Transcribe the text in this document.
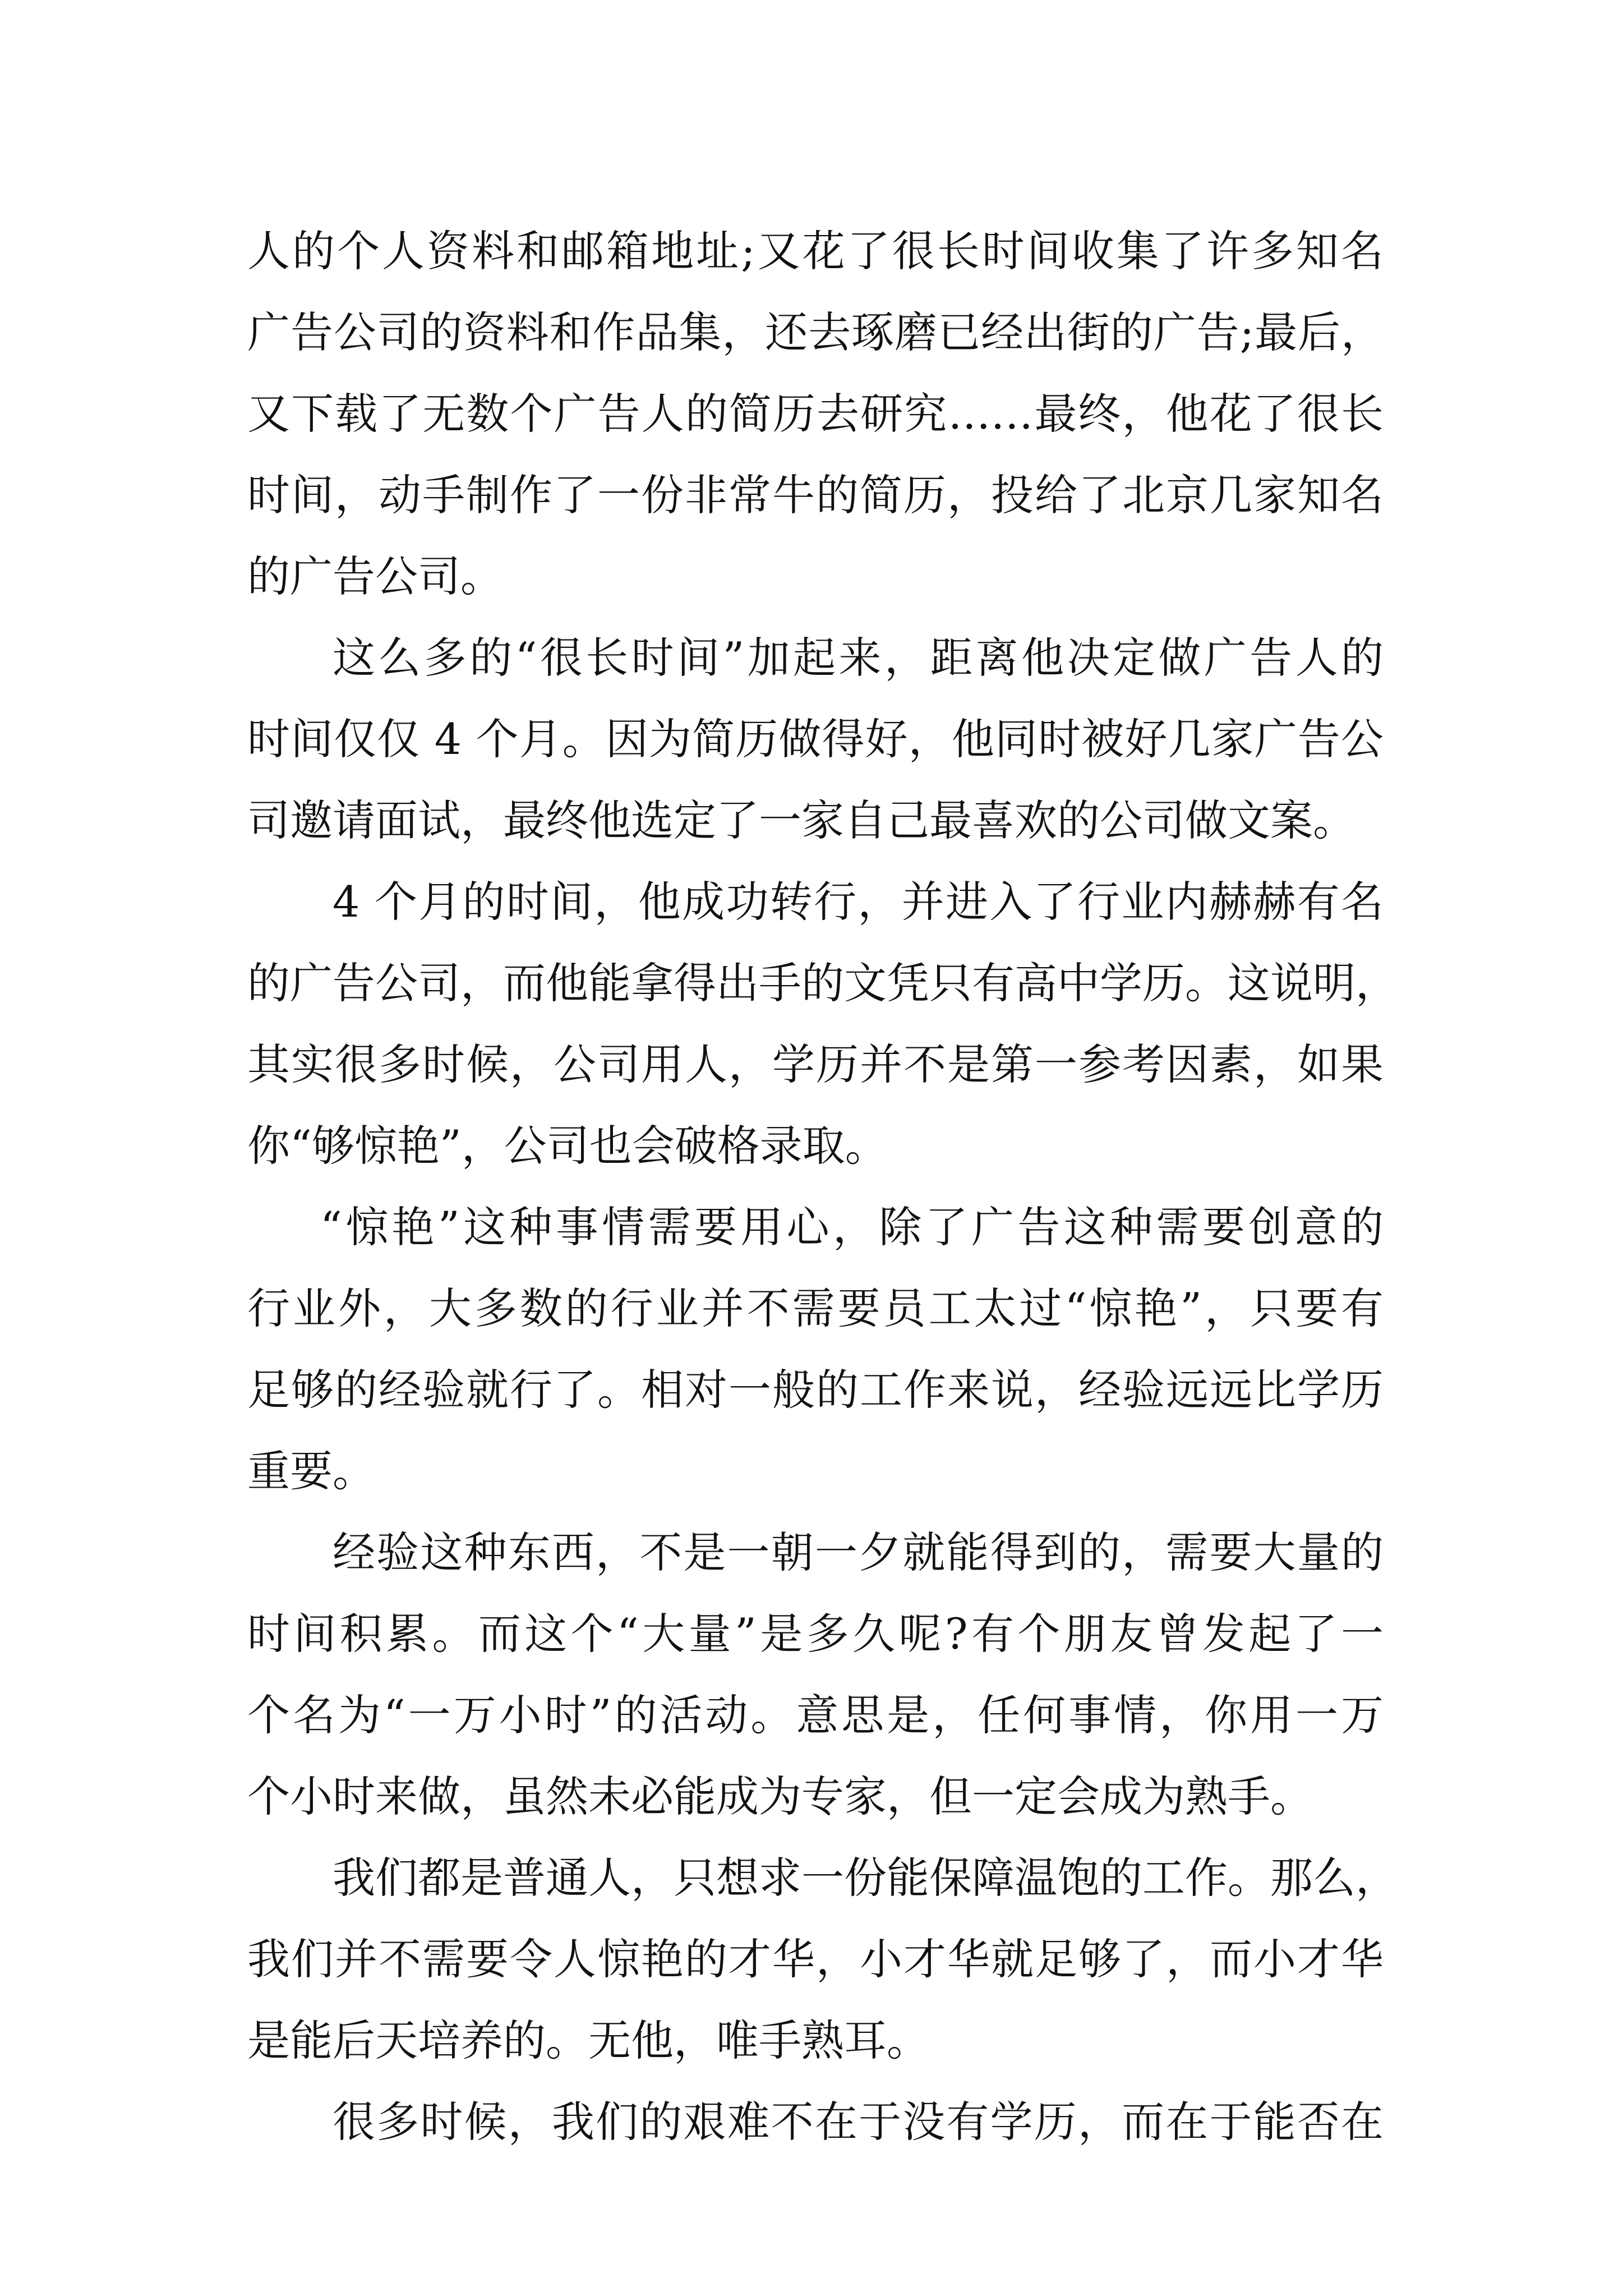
人的个人资料和邮箱地址;又花了很长时间收集了许多知名
广告公司的资料和作品集，还去琢磨已经出街的广告;最后，
又下载了无数个广告人的简历去研究……最终，他花了很长
时间，动手制作了一份非常牛的简历，投给了北京几家知名
的广告公司。

这么多的“很长时间”加起来，距离他决定做广告人的
时间仅仅 4 个月。因为简历做得好，他同时被好几家广告公
司邀请面试，最终他选定了一家自己最喜欢的公司做文案。

4 个月的时间，他成功转行，并进入了行业内赫赫有名
的广告公司，而他能拿得出手的文凭只有高中学历。这说明，
其实很多时候，公司用人，学历并不是第一参考因素，如果
你“够惊艳”，公司也会破格录取。

“惊艳”这种事情需要用心，除了广告这种需要创意的
行业外，大多数的行业并不需要员工太过“惊艳”，只要有
足够的经验就行了。相对一般的工作来说，经验远远比学历
重要。

经验这种东西，不是一朝一夕就能得到的，需要大量的
时间积累。而这个“大量”是多久呢?有个朋友曾发起了一
个名为“一万小时”的活动。意思是，任何事情，你用一万
个小时来做，虽然未必能成为专家，但一定会成为熟手。

我们都是普通人，只想求一份能保障温饱的工作。那么，
我们并不需要令人惊艳的才华，小才华就足够了，而小才华
是能后天培养的。无他，唯手熟耳。

很多时候，我们的艰难不在于没有学历，而在于能否在
